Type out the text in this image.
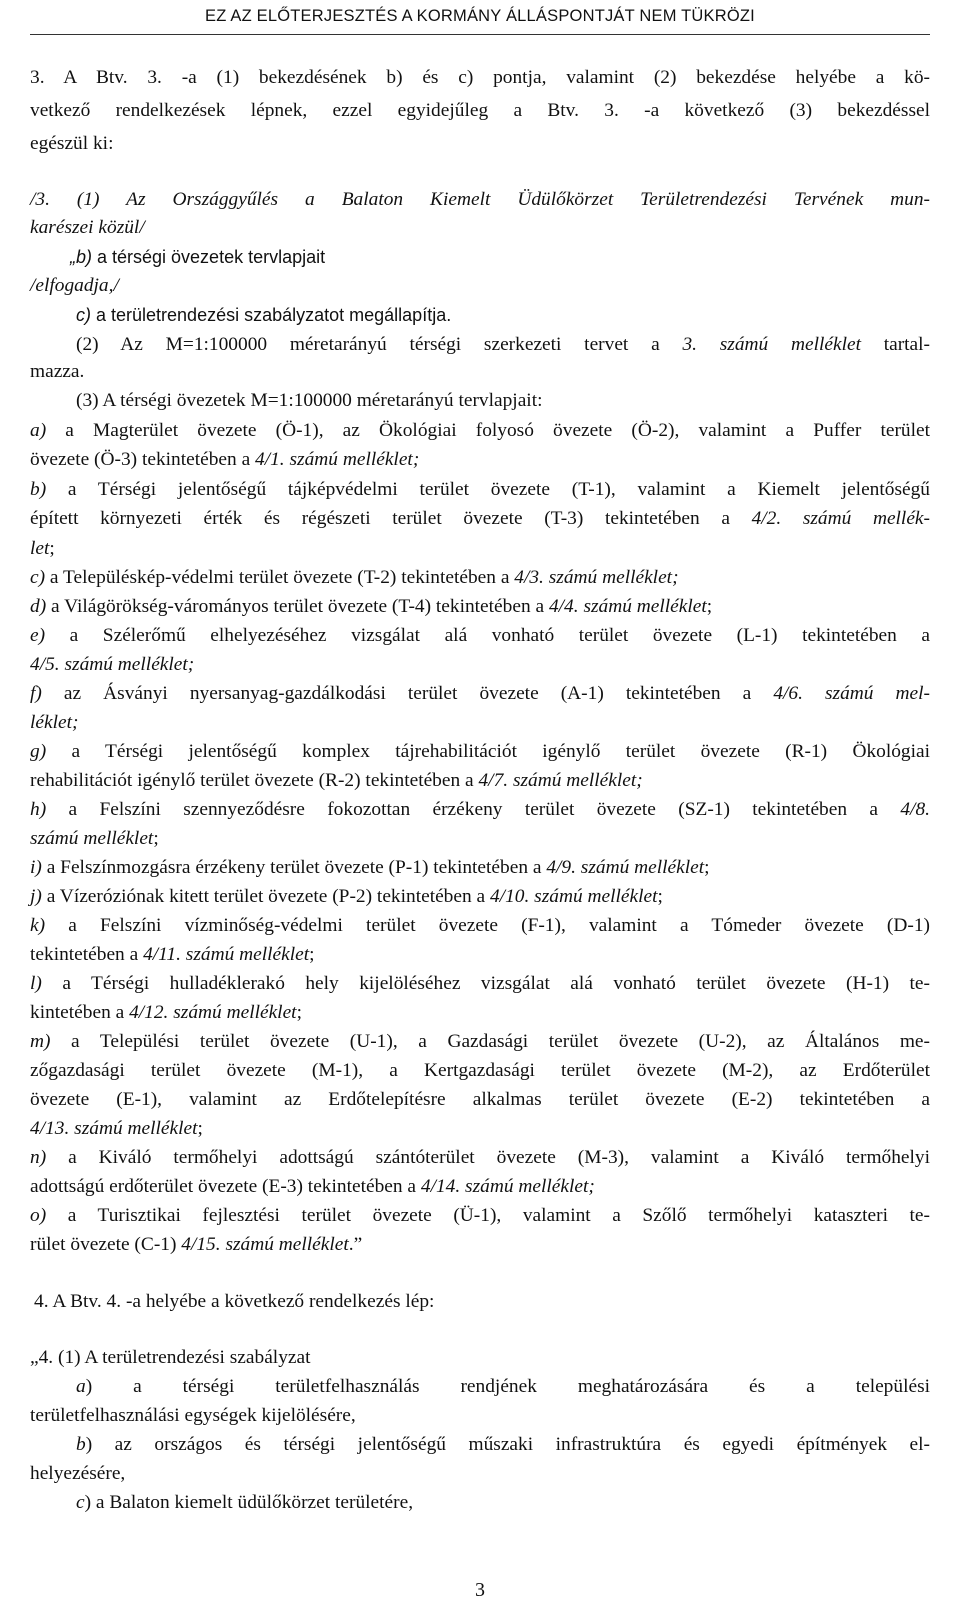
EZ AZ ELŐTERJESZTÉS A KORMÁNY ÁLLÁSPONTJÁT NEM TÜKRÖZI
3. A Btv. 3. -a (1) bekezdésének b) és c) pontja, valamint (2) bekezdése helyébe a kö-
vetkező rendelkezések lépnek, ezzel egyidejűleg a Btv. 3. -a következő (3) bekezdéssel
egészül ki:
/3. (1) Az Országgyűlés a Balaton Kiemelt Üdülőkörzet Területrendezési Tervének mun-
karészei közül/
„b) a térségi övezetek tervlapjait
/elfogadja,/
c) a területrendezési szabályzatot megállapítja.
(2) Az M=1:100000 méretarányú térségi szerkezeti tervet a 3. számú melléklet tartal-
mazza.
(3) A térségi övezetek M=1:100000 méretarányú tervlapjait:
a) a Magterület övezete (Ö-1), az Ökológiai folyosó övezete (Ö-2), valamint a Puffer terület
övezete (Ö-3) tekintetében a 4/1. számú melléklet;
b) a Térségi jelentőségű tájképvédelmi terület övezete (T-1), valamint a Kiemelt jelentőségű
épített környezeti érték és régészeti terület övezete (T-3) tekintetében a 4/2. számú mellék-
let;
c) a Településkép-védelmi terület övezete (T-2) tekintetében a 4/3. számú melléklet;
d) a Világörökség-várományos terület övezete (T-4) tekintetében a 4/4. számú melléklet;
e) a Szélerőmű elhelyezéséhez vizsgálat alá vonható terület övezete (L-1) tekintetében a
4/5. számú melléklet;
f) az Ásványi nyersanyag-gazdálkodási terület övezete (A-1) tekintetében a 4/6. számú mel-
léklet;
g) a Térségi jelentőségű komplex tájrehabilitációt igénylő terület övezete (R-1) Ökológiai
rehabilitációt igénylő terület övezete (R-2) tekintetében a 4/7. számú melléklet;
h) a Felszíni szennyeződésre fokozottan érzékeny terület övezete (SZ-1) tekintetében a 4/8.
számú melléklet;
i) a Felszínmozgásra érzékeny terület övezete (P-1) tekintetében a 4/9. számú melléklet;
j) a Vízeróziónak kitett terület övezete (P-2) tekintetében a 4/10. számú melléklet;
k) a Felszíni vízminőség-védelmi terület övezete (F-1), valamint a Tómeder övezete (D-1)
tekintetében a 4/11. számú melléklet;
l) a Térségi hulladéklerakó hely kijelöléséhez vizsgálat alá vonható terület övezete (H-1) te-
kintetében a 4/12. számú melléklet;
m) a Települési terület övezete (U-1), a Gazdasági terület övezete (U-2), az Általános me-
zőgazdasági terület övezete (M-1), a Kertgazdasági terület övezete (M-2), az Erdőterület
övezete (E-1), valamint az Erdőtelepítésre alkalmas terület övezete (E-2) tekintetében a
4/13. számú melléklet;
n) a Kiváló termőhelyi adottságú szántóterület övezete (M-3), valamint a Kiváló termőhelyi
adottságú erdőterület övezete (E-3) tekintetében a 4/14. számú melléklet;
o) a Turisztikai fejlesztési terület övezete (Ü-1), valamint a Szőlő termőhelyi kataszteri te-
rület övezete (C-1) 4/15. számú melléklet.”
4. A Btv. 4. -a helyébe a következő rendelkezés lép:
„4. (1) A területrendezési szabályzat
a) a térségi területfelhasználás rendjének meghatározására és a települési
területfelhasználási egységek kijelölésére,
b) az országos és térségi jelentőségű műszaki infrastruktúra és egyedi építmények el-
helyezésére,
c) a Balaton kiemelt üdülőkörzet területére,
3
